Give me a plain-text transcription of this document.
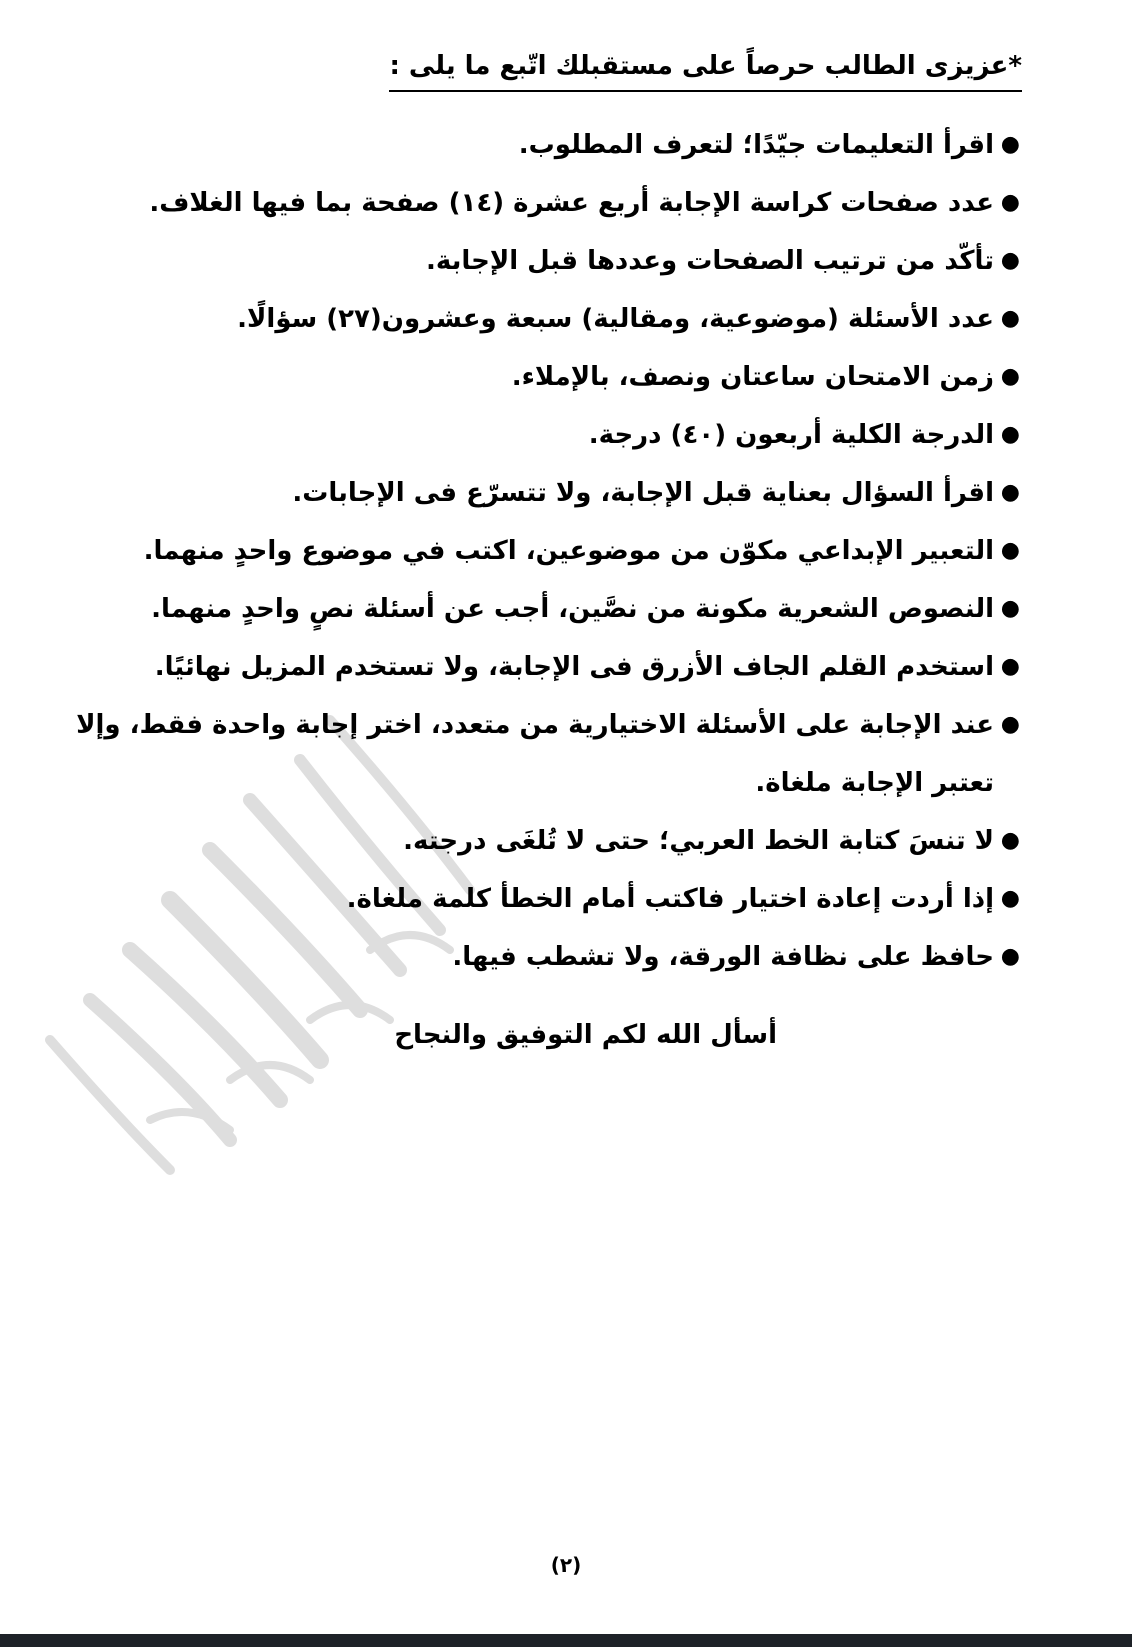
*عزيزى الطالب حرصاً على مستقبلك اتّبع ما يلى :
●
اقرأ التعليمات جيّدًا؛ لتعرف المطلوب.
●
عدد صفحات كراسة الإجابة أربع عشرة (١٤) صفحة بما فيها الغلاف.
●
تأكّد من ترتيب الصفحات وعددها قبل الإجابة.
●
عدد الأسئلة (موضوعية، ومقالية) سبعة وعشرون(٢٧) سؤالًا.
●
زمن الامتحان ساعتان ونصف، بالإملاء.
●
الدرجة الكلية أربعون (٤٠) درجة.
●
اقرأ السؤال بعناية قبل الإجابة، ولا تتسرّع فى الإجابات.
●
التعبير الإبداعي مكوّن من موضوعين، اكتب في موضوع واحدٍ منهما.
●
النصوص الشعرية مكونة من نصَّين، أجب عن أسئلة نصٍ واحدٍ منهما.
●
استخدم القلم الجاف الأزرق فى الإجابة، ولا تستخدم المزيل نهائيًا.
●
عند الإجابة على الأسئلة الاختيارية من متعدد، اختر إجابة واحدة فقط، وإلا تعتبر الإجابة ملغاة.
●
لا تنسَ كتابة الخط العربي؛ حتى لا تُلغَى درجته.
●
إذا أردت إعادة اختيار فاكتب أمام الخطأ كلمة ملغاة.
●
حافظ على نظافة الورقة، ولا تشطب فيها.
أسأل الله لكم التوفيق والنجاح
(٢)
